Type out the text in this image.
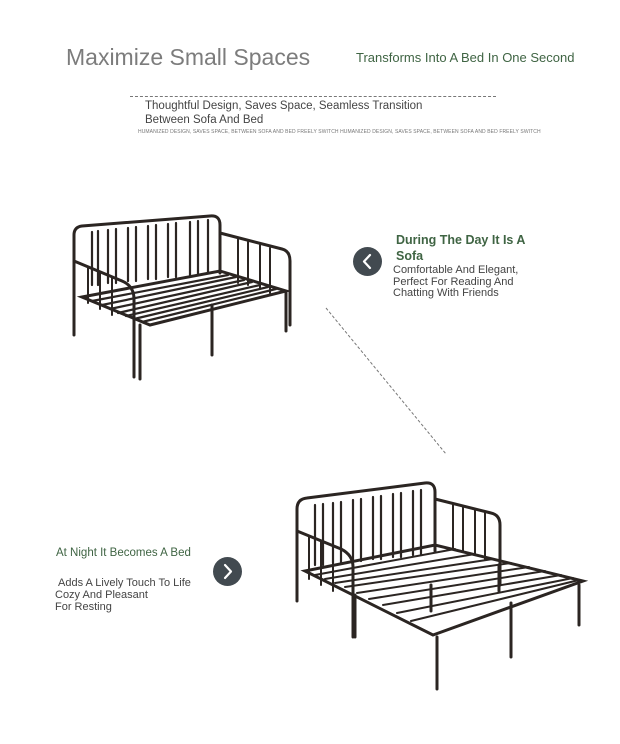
Maximize Small Spaces	Transforms Into A Bed In One Second
Thoughtful Design, Saves Space, Seamless Transition
Between Sofa And Bed
HUMANIZED DESIGN, SAVES SPACE, BETWEEN SOFA AND BED FREELY SWITCH HUMANIZED DESIGN, SAVES SPACE, BETWEEN SOFA AND BED FREELY SWITCH
During The Day It Is A Sofa
Comfortable And Elegant, Perfect For Reading And Chatting With Friends
At Night It Becomes A Bed
Adds A Lively Touch To Life
Cozy And Pleasant
For Resting
